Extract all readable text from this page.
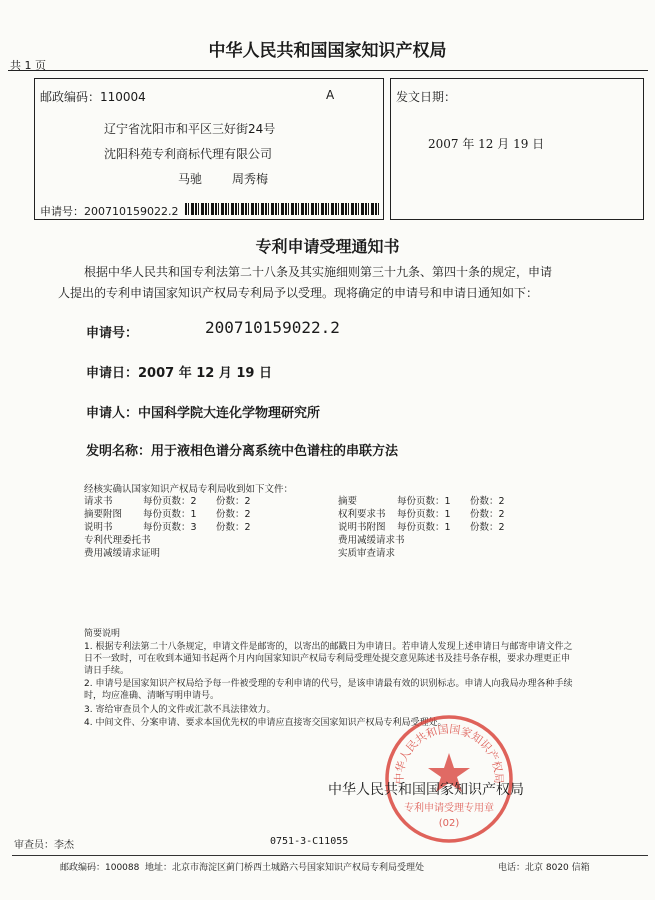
中华人民共和国国家知识产权局
共 1 页
邮政编码：110004	A
辽宁省沈阳市和平区三好街24号
沈阳科苑专利商标代理有限公司
马驰 周秀梅
申请号：200710159022.2
发文日期：
2007 年 12 月 19 日
专利申请受理通知书
根据中华人民共和国专利法第二十八条及其实施细则第三十九条、第四十条的规定，申请
人提出的专利申请国家知识产权局专利局予以受理。现将确定的申请号和申请日通知如下：
申请号：	200710159022.2
申请日：2007 年 12 月 19 日
申请人：中国科学院大连化学物理研究所
发明名称：用于液相色谱分离系统中色谱柱的串联方法
经核实确认国家知识产权局专利局收到如下文件：
请求书	每份页数：2 份数：2
摘要附图 每份页数：1 份数：2
说明书	每份页数：3 份数：2
专利代理委托书
费用减缓请求证明
摘要	每份页数：1 份数：2
权利要求书 每份页数：1 份数：2
说明书附图 每份页数：1 份数：2
费用减缓请求书
实质审查请求
简要说明
1. 根据专利法第二十八条规定，申请文件是邮寄的，以寄出的邮戳日为申请日。若申请人发现上述申请日与邮寄申请文件之日不一致时，可在收到本通知书起两个月内向国家知识产权局专利局受理处提交意见陈述书及挂号条存根，要求办理更正申请日手续。
2. 申请号是国家知识产权局给予每一件被受理的专利申请的代号，是该申请最有效的识别标志。申请人向我局办理各种手续时，均应准确、清晰写明申请号。
3. 寄给审查员个人的文件或汇款不具法律效力。
4. 中间文件、分案申请、要求本国优先权的申请应直接寄交国家知识产权局专利局受理处。
中华人民共和国国家知识产权局
专利申请受理专用章
(02)
中华人民共和国国家知识产权局
审查员：李杰	0751-3-C11055
邮政编码：100088 地址：北京市海淀区蓟门桥西土城路六号国家知识产权局专利局受理处	电话：北京 8020 信箱
